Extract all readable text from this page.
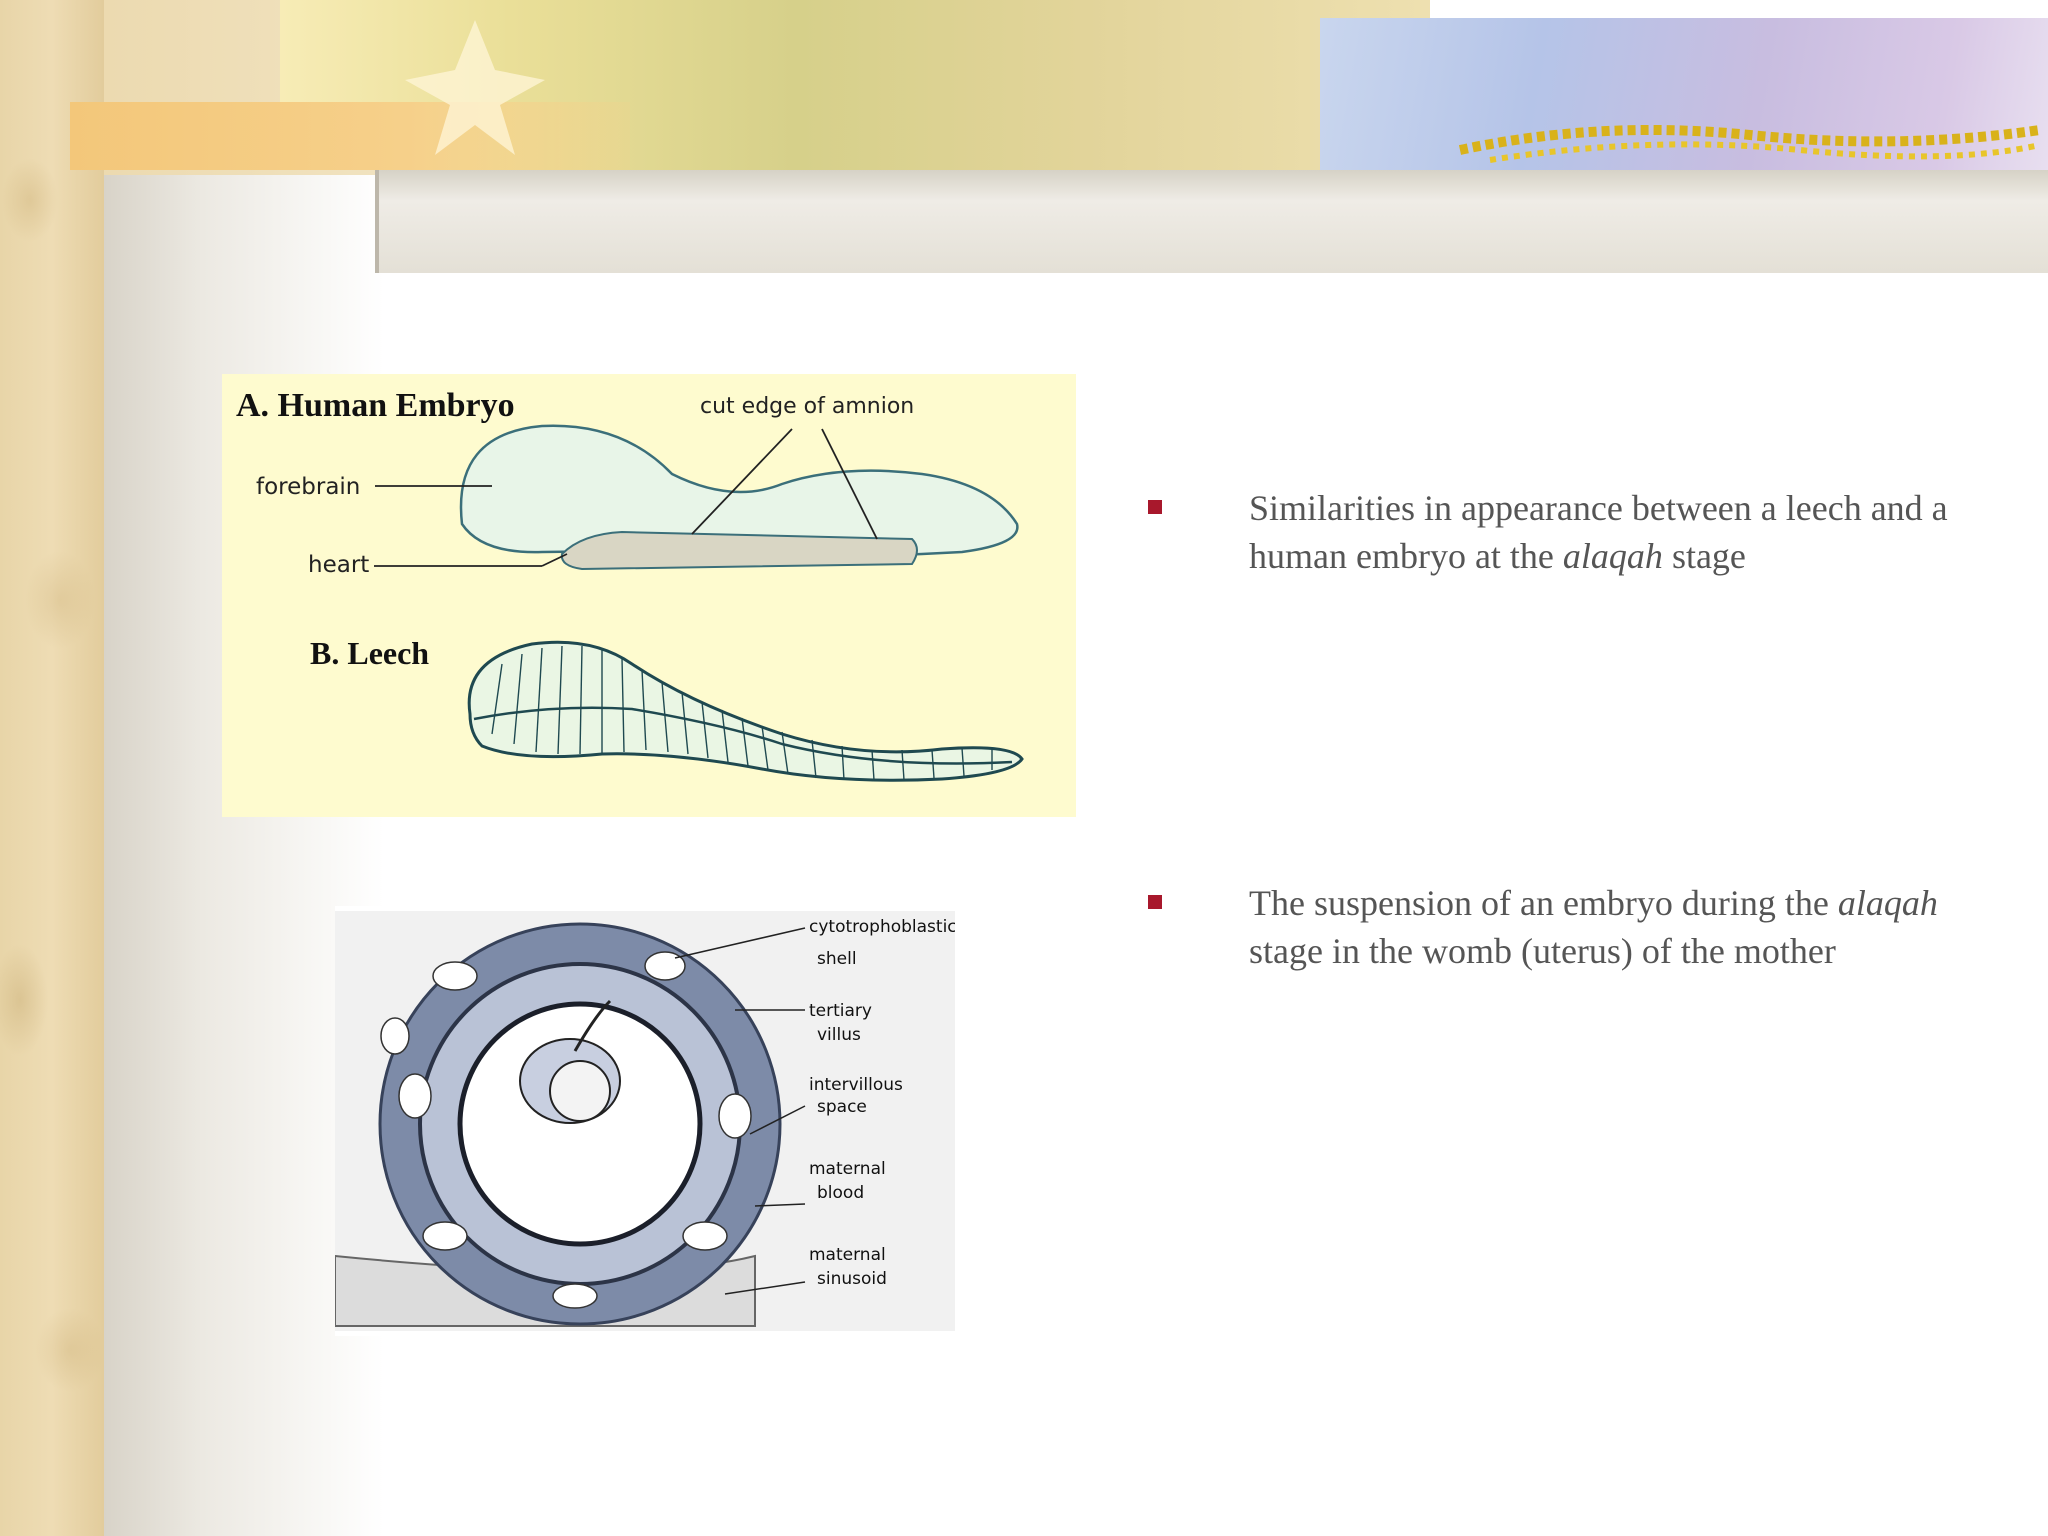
A. Human Embryo	cut edge of amnion
forebrain
heart
B. Leech
cytotrophoblastic
shell
tertiary
villus
intervillous
space
maternal
blood
maternal
sinusoid
Similarities in appearance between a leech and a human embryo at the alaqah stage
The suspension of an embryo during the alaqah stage in the womb (uterus) of the mother
